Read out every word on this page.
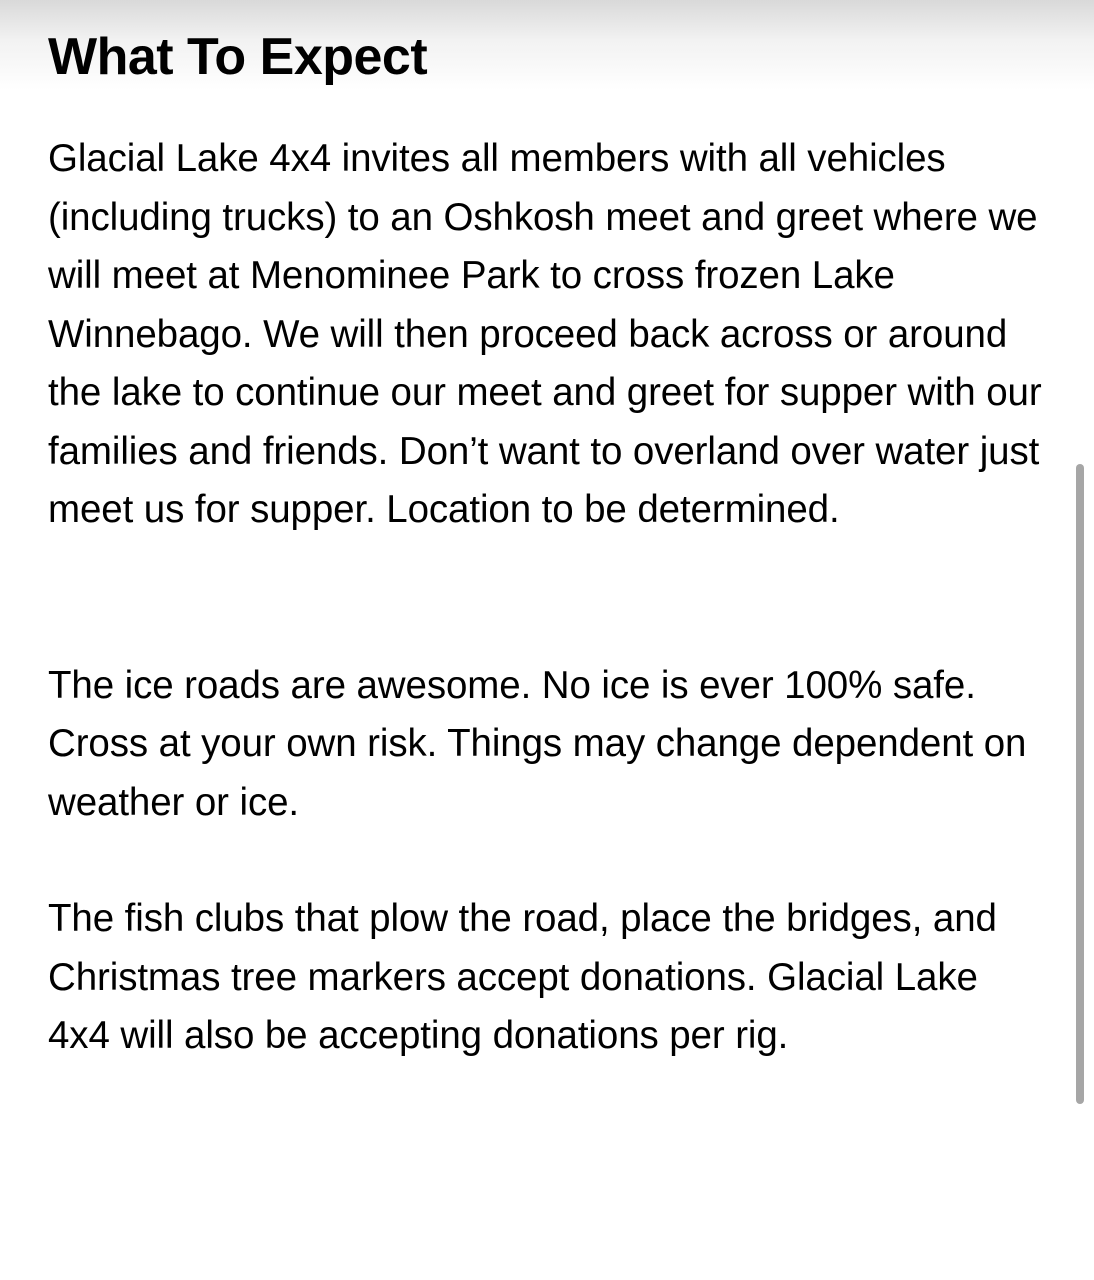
What To Expect

Glacial Lake 4x4 invites all members with all vehicles (including trucks) to an Oshkosh meet and greet where we will meet at Menominee Park to cross frozen Lake Winnebago. We will then proceed back across or around the lake to continue our meet and greet for supper with our families and friends. Don’t want to overland over water just meet us for supper. Location to be determined.

The ice roads are awesome. No ice is ever 100% safe. Cross at your own risk. Things may change dependent on weather or ice.

The fish clubs that plow the road, place the bridges, and Christmas tree markers accept donations. Glacial Lake 4x4 will also be accepting donations per rig.
